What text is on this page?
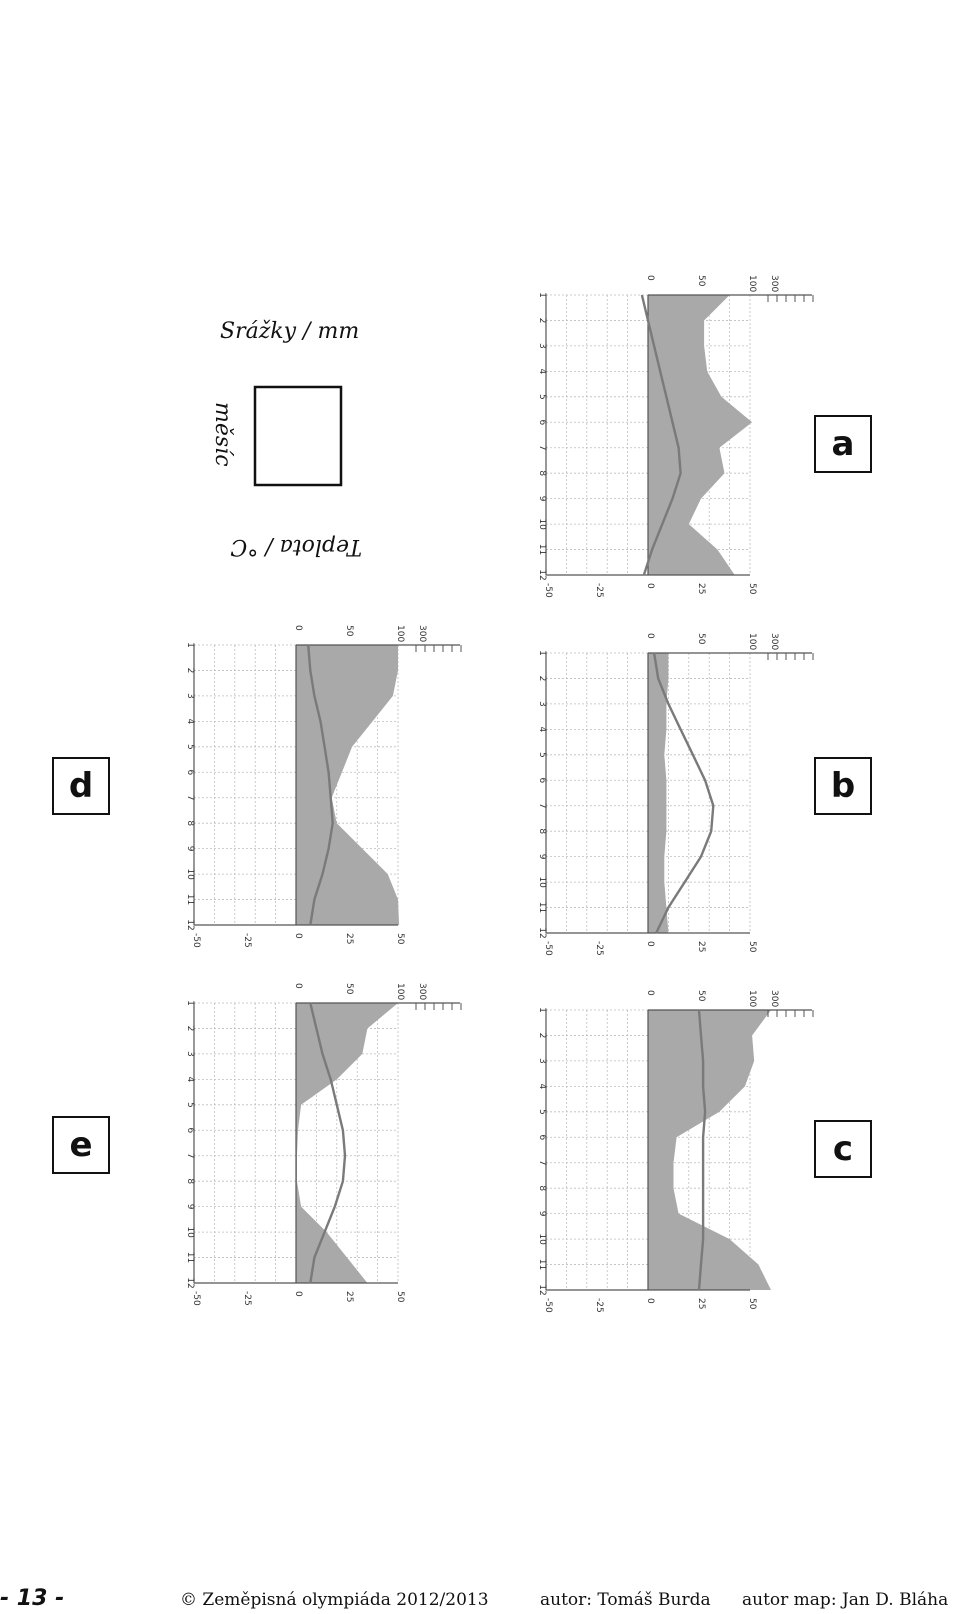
Srážky / mm
měsíc
Teplota / °C
1
2
3
4
5
6
7
8
9
10
11
12
-50	-25	0	25	50
0	50	100 300
1
2
3
4
5
6
7
8
9
10
11
12
-50	-25	0	25	50
0	50	100 300
1
2
3
4
5
6
7
8
9
10
11
12
-50	-25	0	25	50
0	50	100 300
1
2
3
4
5
6
7
8
9
10
11
12
-50	-25	0	25	50
0	50	100 300
1
2
3
4
5
6
7
8
9
10
11
12
-50	-25	0	25	50
0	50	100 300
a
b
c
d
e
- 13 -	© Zeměpisná olympiáda 2012/2013	autor: Tomáš Burda autor map: Jan D. Bláha
